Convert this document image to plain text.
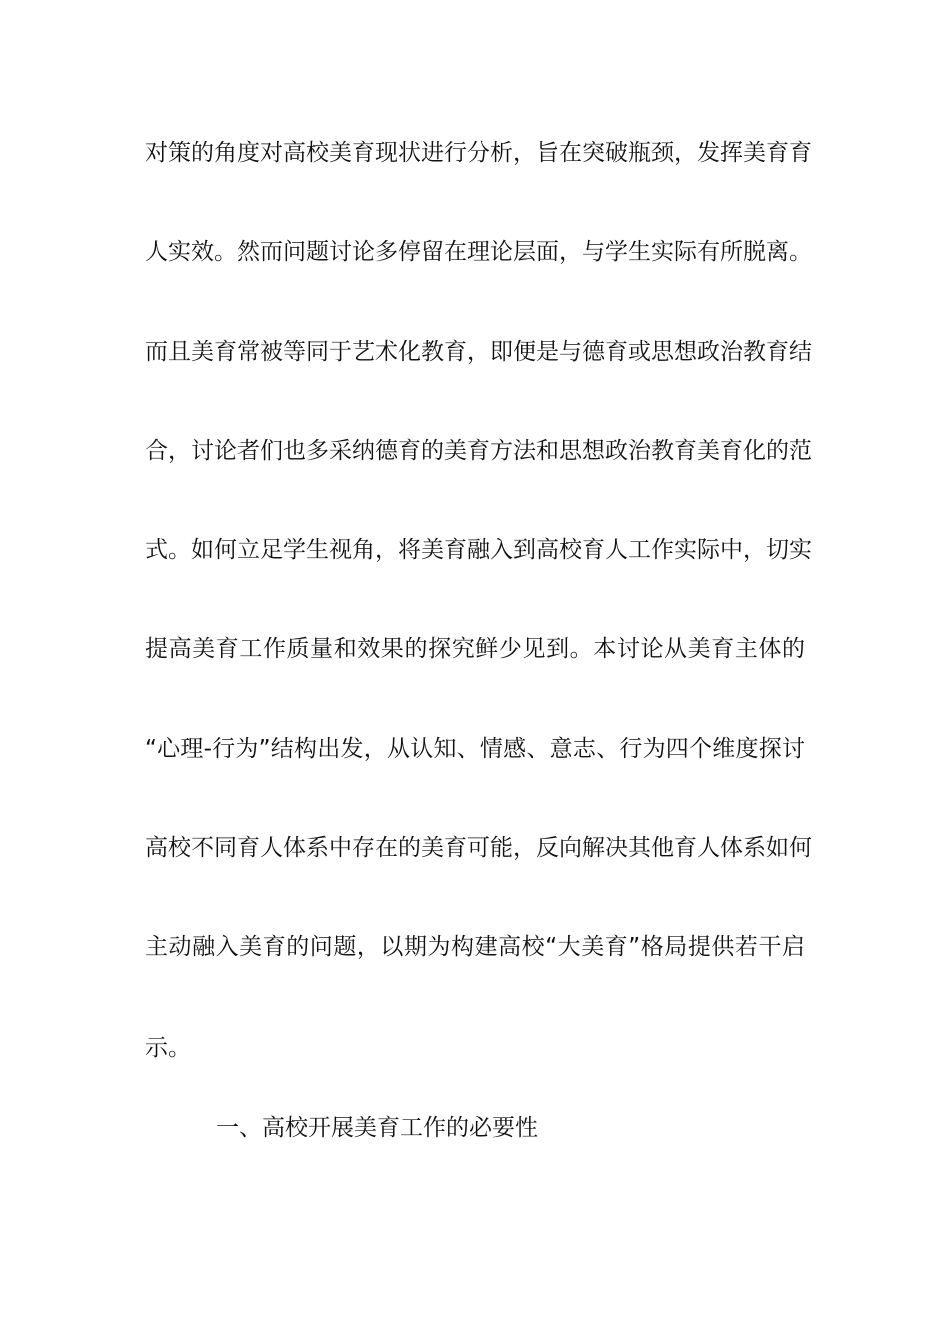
对策的角度对高校美育现状进行分析，旨在突破瓶颈，发挥美育育
人实效。然而问题讨论多停留在理论层面，与学生实际有所脱离。
而且美育常被等同于艺术化教育，即便是与德育或思想政治教育结
合，讨论者们也多采纳德育的美育方法和思想政治教育美育化的范
式。如何立足学生视角，将美育融入到高校育人工作实际中，切实
提高美育工作质量和效果的探究鲜少见到。本讨论从美育主体的
“心理-行为”结构出发，从认知、情感、意志、行为四个维度探讨
高校不同育人体系中存在的美育可能，反向解决其他育人体系如何
主动融入美育的问题，以期为构建高校“大美育”格局提供若干启
示。
一、高校开展美育工作的必要性
